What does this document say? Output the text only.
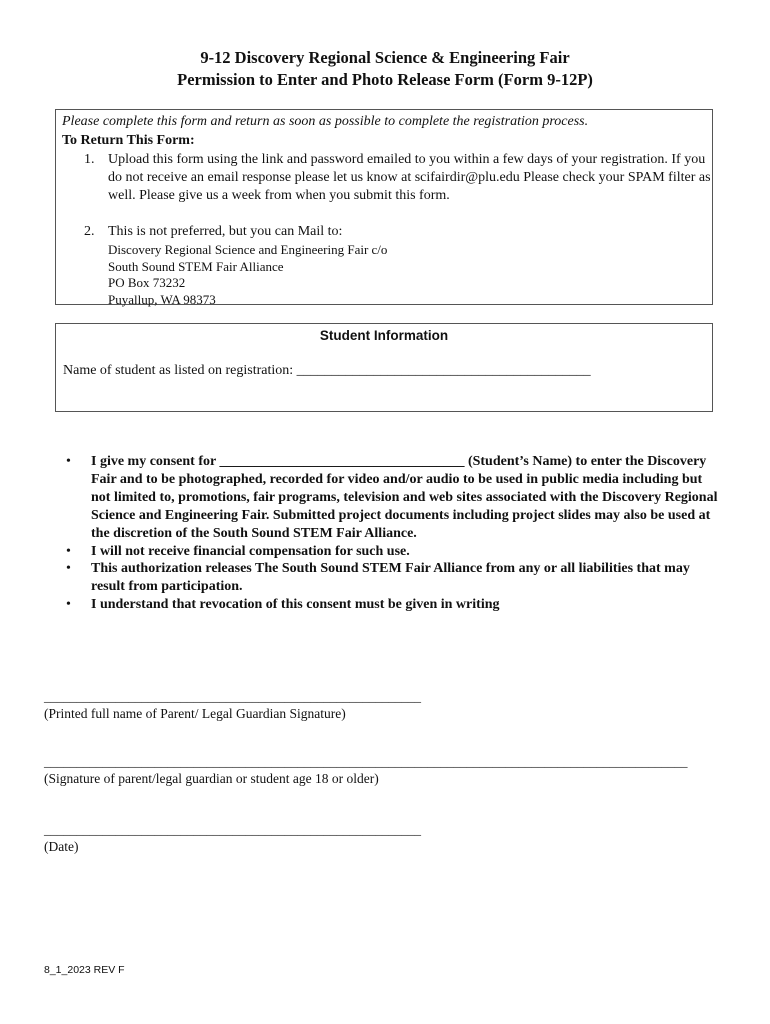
9-12 Discovery Regional Science & Engineering Fair
Permission to Enter and Photo Release Form (Form 9-12P)
Please complete this form and return as soon as possible to complete the registration process.
To Return This Form:
1. Upload this form using the link and password emailed to you within a few days of your registration. If you do not receive an email response please let us know at scifairdir@plu.edu Please check your SPAM filter as well. Please give us a week from when you submit this form.
2. This is not preferred, but you can Mail to:
Discovery Regional Science and Engineering Fair c/o
South Sound STEM Fair Alliance
PO Box 73232
Puyallup, WA 98373
Student Information
Name of student as listed on registration: __________________________________________
• I give my consent for ___________________________________ (Student’s Name) to enter the Discovery Fair and to be photographed, recorded for video and/or audio to be used in public media including but not limited to, promotions, fair programs, television and web sites associated with the Discovery Regional Science and Engineering Fair. Submitted project documents including project slides may also be used at the discretion of the South Sound STEM Fair Alliance.
• I will not receive financial compensation for such use.
• This authorization releases The South Sound STEM Fair Alliance from any or all liabilities that may result from participation.
• I understand that revocation of this consent must be given in writing
__________________________________________________________
(Printed full name of Parent/ Legal Guardian Signature)
___________________________________________________________________________________________________
(Signature of parent/legal guardian or student age 18 or older)
__________________________________________________________
(Date)
8_1_2023 REV F
